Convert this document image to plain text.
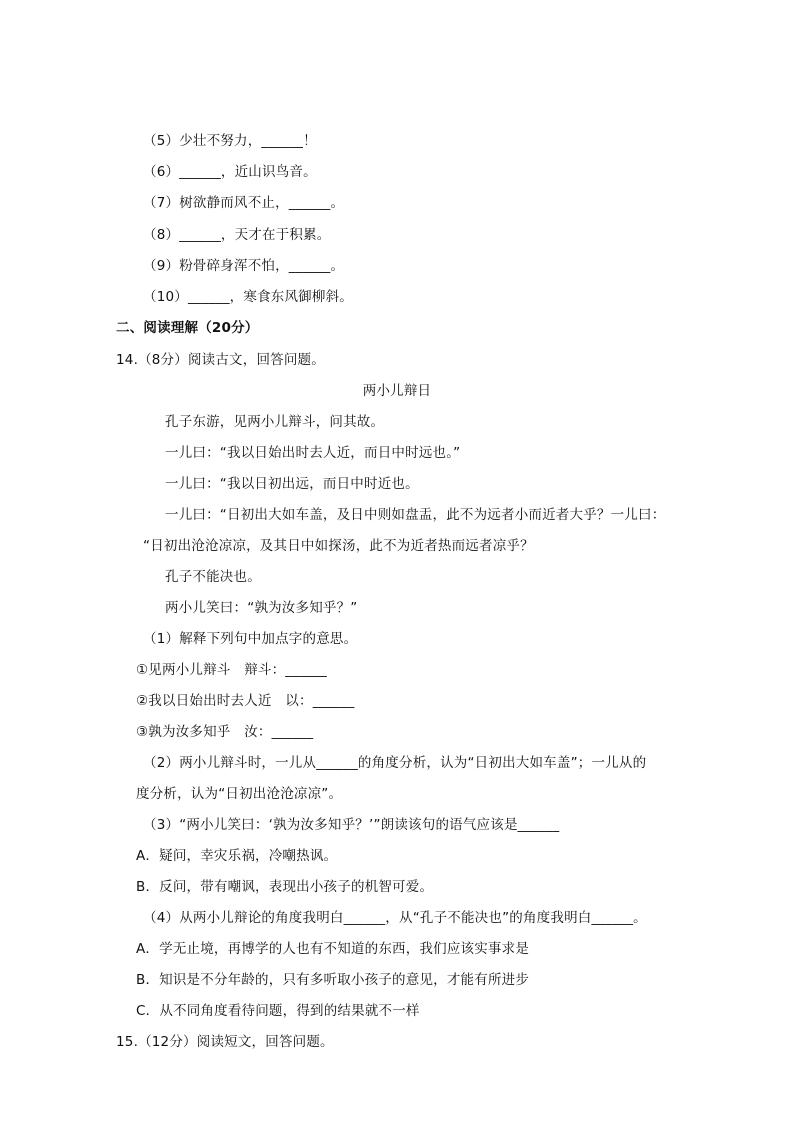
（5）少壮不努力，______！
（6）______，近山识鸟音。
（7）树欲静而风不止，______。
（8）______，天才在于积累。
（9）粉骨碎身浑不怕，______。
（10）______，寒食东风御柳斜。
二、阅读理解（20分）
14.（8分）阅读古文，回答问题。
两小儿辩日
孔子东游，见两小儿辩斗，问其故。
一儿曰：“我以日始出时去人近，而日中时远也。”
一儿曰：“我以日初出远，而日中时近也。
一儿曰：“日初出大如车盖，及日中则如盘盂，此不为远者小而近者大乎？一儿曰：
“日初出沧沧凉凉，及其日中如探汤，此不为近者热而远者凉乎？
孔子不能决也。
两小儿笑曰：“孰为汝多知乎？”
（1）解释下列句中加点字的意思。
①见两小儿辩斗　辩斗：______
②我以日始出时去人近　以：______
③孰为汝多知乎　汝：______
（2）两小儿辩斗时，一儿从______的角度分析，认为“日初出大如车盖”；一儿从的
度分析，认为“日初出沧沧凉凉”。
（3）“两小儿笑曰：‘孰为汝多知乎？’”朗读该句的语气应该是______
A．疑问，幸灾乐祸，冷嘲热讽。
B．反问，带有嘲讽，表现出小孩子的机智可爱。
（4）从两小儿辩论的角度我明白______，从“孔子不能决也”的角度我明白______。
A．学无止境，再博学的人也有不知道的东西，我们应该实事求是
B．知识是不分年龄的，只有多听取小孩子的意见，才能有所进步
C．从不同角度看待问题，得到的结果就不一样
15.（12分）阅读短文，回答问题。
